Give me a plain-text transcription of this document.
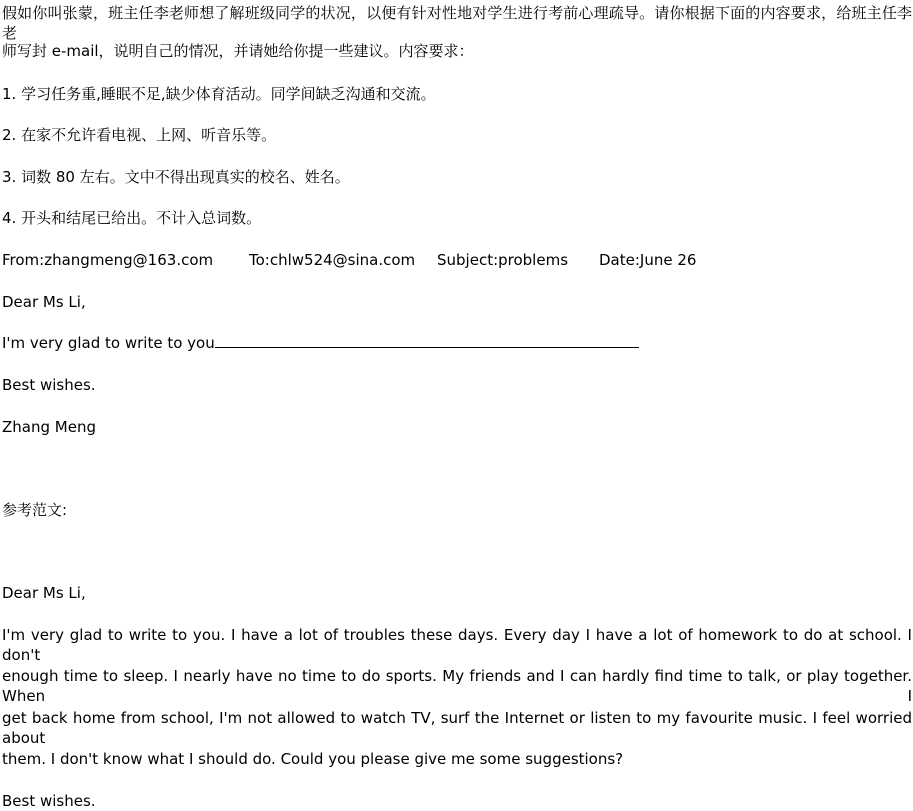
假如你叫张蒙，班主任李老师想了解班级同学的状况，以便有针对性地对学生进行考前心理疏导。请你根据下面的内容要求，给班主任李老
师写封 e-mail，说明自己的情况，并请她给你提一些建议。内容要求：
1. 学习任务重,睡眠不足,缺少体育活动。同学间缺乏沟通和交流。
2. 在家不允许看电视、上网、听音乐等。
3. 词数 80 左右。文中不得出现真实的校名、姓名。
4. 开头和结尾已给出。不计入总词数。
From:zhangmeng@163.com To:chlw524@sina.com Subject:problems Date:June 26
Dear Ms Li,
I'm very glad to write to you
Best wishes.
Zhang Meng
参考范文:
Dear Ms Li,
I'm very glad to write to you. I have a lot of troubles these days. Every day I have a lot of homework to do at school. I don't
enough time to sleep. I nearly have no time to do sports. My friends and I can hardly find time to talk, or play together. When I
get back home from school, I'm not allowed to watch TV, surf the Internet or listen to my favourite music. I feel worried about
them. I don't know what I should do. Could you please give me some suggestions?
Best wishes.
